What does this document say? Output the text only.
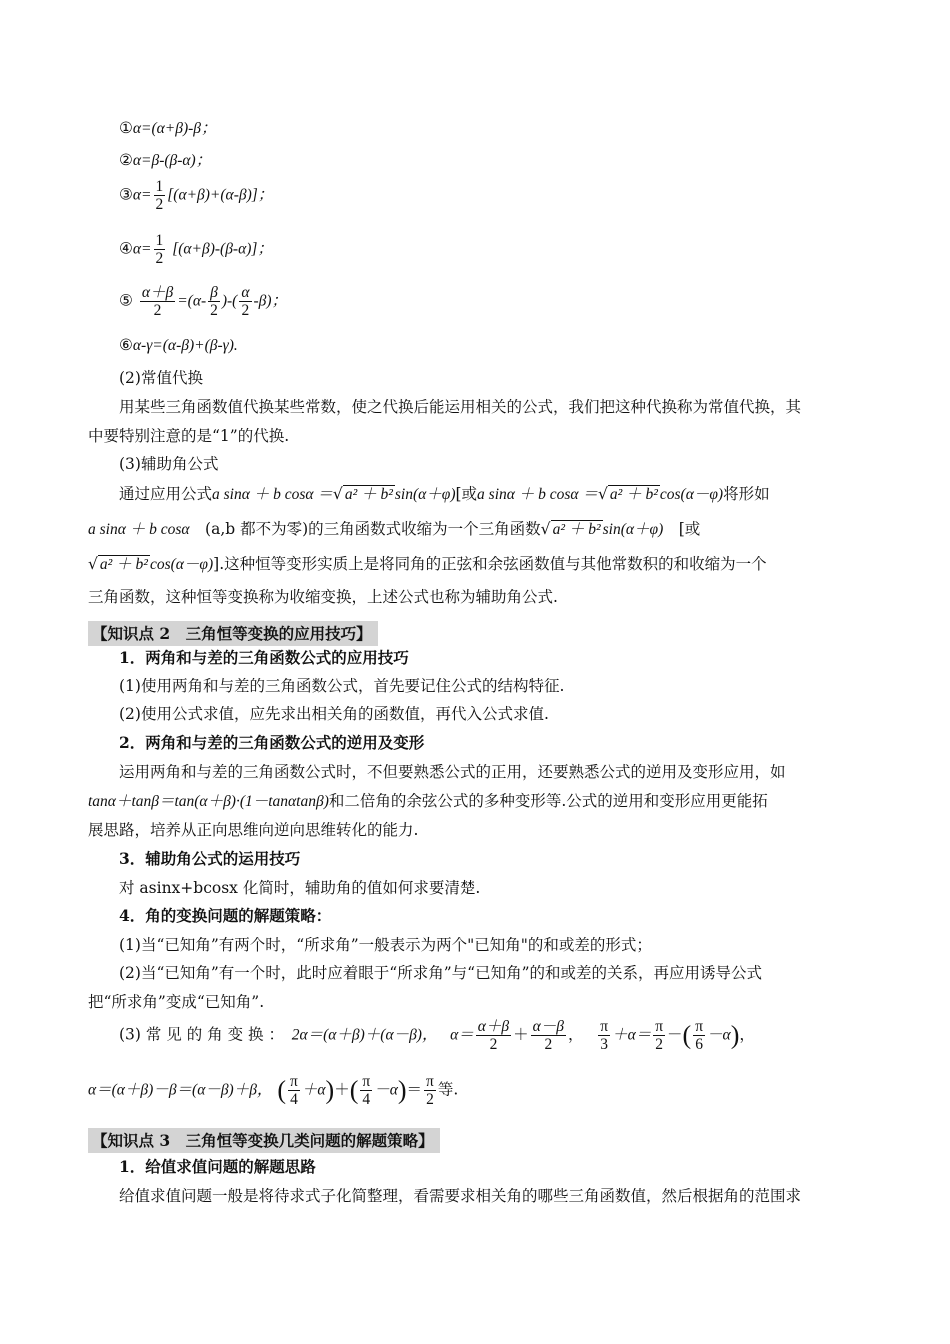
①α=(α+β)-β；
②α=β-(β-α)；
③α= $\frac{1}{2} [(\alpha+\beta)+(\alpha-\beta)]$；
④α= $\frac{1}{2} [(\alpha+\beta)-(\beta-\alpha)]$；
⑤ $\frac{\alpha+\beta}{2} =(\alpha- \frac{\beta}{2}$ )-( $\frac{\alpha}{2} -\beta$)；
⑥α-γ=(α-β)+(β-γ).
(2)常值代换
用某些三角函数值代换某些常数，使之代换后能运用相关的公式，我们把这种代换称为常值代换，其
中要特别注意的是“1”的代换.
(3)辅助角公式
通过应用公式a sinα ＋ b cosα ＝√ a² ＋ b² sin(α＋φ)[或a sinα ＋ b cosα ＝√ a² ＋ b² cos(α－φ)将形如
a sinα ＋ b cosα　 (a,b 都不为零)的三角函数式收缩为一个三角函数√ a² ＋ b² sin(α＋φ)　 [或
√ a² ＋ b² cos(α－φ)].这种恒等变形实质上是将同角的正弦和余弦函数值与其他常数积的和收缩为一个
三角函数，这种恒等变换称为收缩变换，上述公式也称为辅助角公式.
【知识点 2　三角恒等变换的应用技巧】
1．两角和与差的三角函数公式的应用技巧
(1)使用两角和与差的三角函数公式，首先要记住公式的结构特征.
(2)使用公式求值，应先求出相关角的函数值，再代入公式求值.
2．两角和与差的三角函数公式的逆用及变形
运用两角和与差的三角函数公式时，不但要熟悉公式的正用，还要熟悉公式的逆用及变形应用，如
tanα＋tanβ＝tan(α＋β)·(1－tanαtanβ)和二倍角的余弦公式的多种变形等.公式的逆用和变形应用更能拓
展思路，培养从正向思维向逆向思维转化的能力.
3．辅助角公式的运用技巧
对 asinx+bcosx 化简时，辅助角的值如何求要清楚.
4．角的变换问题的解题策略：
(1)当“已知角”有两个时，“所求角”一般表示为两个"已知角"的和或差的形式；
(2)当“已知角”有一个时，此时应着眼于“所求角”与“已知角”的和或差的关系，再应用诱导公式
把“所求角”变成“已知角”.
(3) 常 见 的 角 变 换 ：　 2α＝(α＋β)＋(α－β)，　 $\alpha= \frac{\alpha+\beta}{2} + \frac{\alpha-\beta}{2}$ ，　 $\frac{\pi}{3} +\alpha= \frac{\pi}{2}$ －( $\frac{\pi}{6} -\alpha$)，
α＝(α＋β)－β＝(α－β)＋β， ( $\frac{\pi}{4} +\alpha)+( \frac{\pi}{4} -\alpha)= \frac{\pi}{2}$ 等.
【知识点 3　三角恒等变换几类问题的解题策略】
1．给值求值问题的解题思路
给值求值问题一般是将待求式子化简整理，看需要求相关角的哪些三角函数值，然后根据角的范围求
